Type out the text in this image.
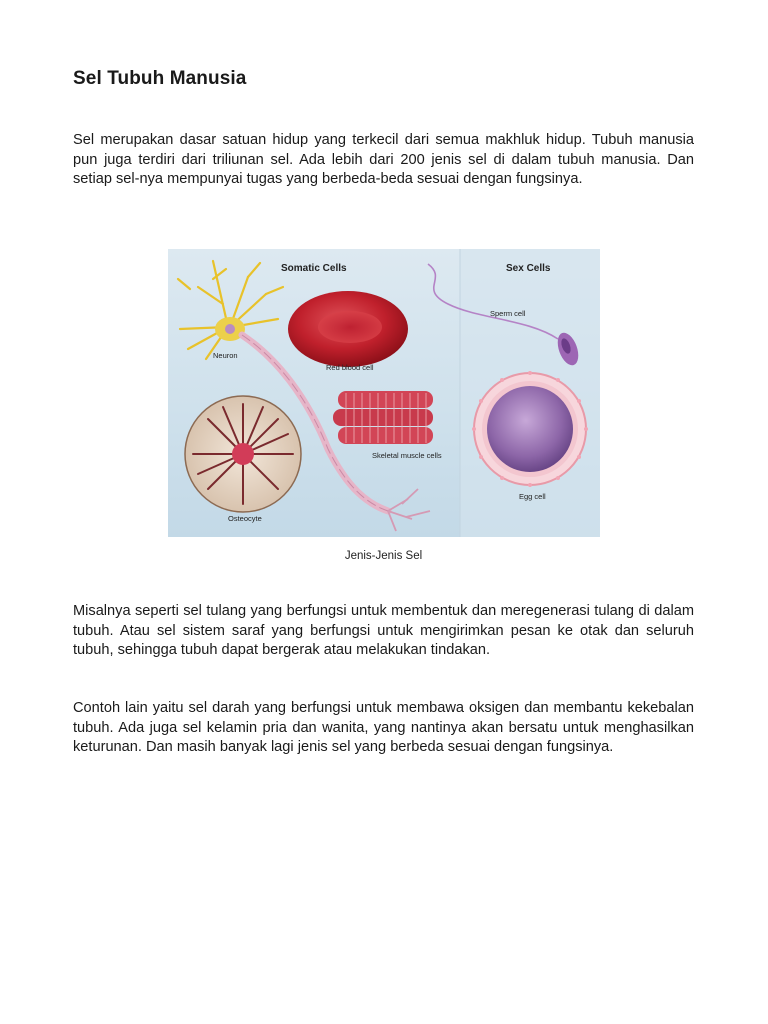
Sel Tubuh Manusia

Sel merupakan dasar satuan hidup yang terkecil dari semua makhluk hidup. Tubuh manusia pun juga terdiri dari triliunan sel. Ada lebih dari 200 jenis sel di dalam tubuh manusia. Dan setiap sel-nya mempunyai tugas yang berbeda-beda sesuai dengan fungsinya.

Somatic Cells	Sex Cells
Neuron
Red blood cell
Skeletal muscle cells
Osteocyte
Sperm cell
Egg cell
Jenis-Jenis Sel

Misalnya seperti sel tulang yang berfungsi untuk membentuk dan meregenerasi tulang di dalam tubuh. Atau sel sistem saraf yang berfungsi untuk mengirimkan pesan ke otak dan seluruh tubuh, sehingga tubuh dapat bergerak atau melakukan tindakan.

Contoh lain yaitu sel darah yang berfungsi untuk membawa oksigen dan membantu kekebalan tubuh. Ada juga sel kelamin pria dan wanita, yang nantinya akan bersatu untuk menghasilkan keturunan. Dan masih banyak lagi jenis sel yang berbeda sesuai dengan fungsinya.
